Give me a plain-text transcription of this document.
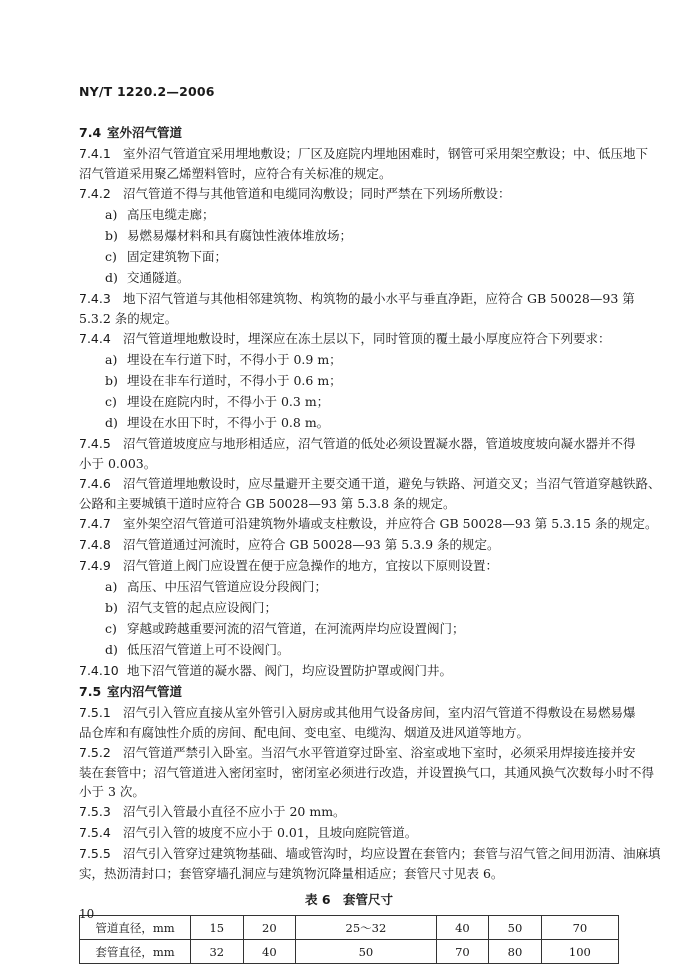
NY/T 1220.2—2006
7.4 室外沼气管道
7.4.1 室外沼气管道宜采用埋地敷设；厂区及庭院内埋地困难时，钢管可采用架空敷设；中、低压地下
沼气管道采用聚乙烯塑料管时，应符合有关标准的规定。
7.4.2 沼气管道不得与其他管道和电缆同沟敷设；同时严禁在下列场所敷设：
a) 高压电缆走廊；
b) 易燃易爆材料和具有腐蚀性液体堆放场；
c) 固定建筑物下面；
d) 交通隧道。
7.4.3 地下沼气管道与其他相邻建筑物、构筑物的最小水平与垂直净距，应符合 GB 50028—93 第
5.3.2 条的规定。
7.4.4 沼气管道埋地敷设时，埋深应在冻土层以下，同时管顶的覆土最小厚度应符合下列要求：
a) 埋设在车行道下时，不得小于 0.9 m；
b) 埋设在非车行道时，不得小于 0.6 m；
c) 埋设在庭院内时，不得小于 0.3 m；
d) 埋设在水田下时，不得小于 0.8 m。
7.4.5 沼气管道坡度应与地形相适应，沼气管道的低处必须设置凝水器，管道坡度坡向凝水器并不得
小于 0.003。
7.4.6 沼气管道埋地敷设时，应尽量避开主要交通干道，避免与铁路、河道交叉；当沼气管道穿越铁路、
公路和主要城镇干道时应符合 GB 50028—93 第 5.3.8 条的规定。
7.4.7 室外架空沼气管道可沿建筑物外墙或支柱敷设，并应符合 GB 50028—93 第 5.3.15 条的规定。
7.4.8 沼气管道通过河流时，应符合 GB 50028—93 第 5.3.9 条的规定。
7.4.9 沼气管道上阀门应设置在便于应急操作的地方，宜按以下原则设置：
a) 高压、中压沼气管道应设分段阀门；
b) 沼气支管的起点应设阀门；
c) 穿越或跨越重要河流的沼气管道，在河流两岸均应设置阀门；
d) 低压沼气管道上可不设阀门。
7.4.10 地下沼气管道的凝水器、阀门，均应设置防护罩或阀门井。
7.5 室内沼气管道
7.5.1 沼气引入管应直接从室外管引入厨房或其他用气设备房间，室内沼气管道不得敷设在易燃易爆
品仓库和有腐蚀性介质的房间、配电间、变电室、电缆沟、烟道及进风道等地方。
7.5.2 沼气管道严禁引入卧室。当沼气水平管道穿过卧室、浴室或地下室时，必须采用焊接连接并安
装在套管中；沼气管道进入密闭室时，密闭室必须进行改造，并设置换气口，其通风换气次数每小时不得
小于 3 次。
7.5.3 沼气引入管最小直径不应小于 20 mm。
7.5.4 沼气引入管的坡度不应小于 0.01，且坡向庭院管道。
7.5.5 沼气引入管穿过建筑物基础、墙或管沟时，均应设置在套管内；套管与沼气管之间用沥清、油麻填
实，热沥清封口；套管穿墙孔洞应与建筑物沉降量相适应；套管尺寸见表 6。
表 6　套管尺寸
管道直径，mm	15	20	25～32	40	50	70
套管直径，mm	32	40	50	70	80	100
10
